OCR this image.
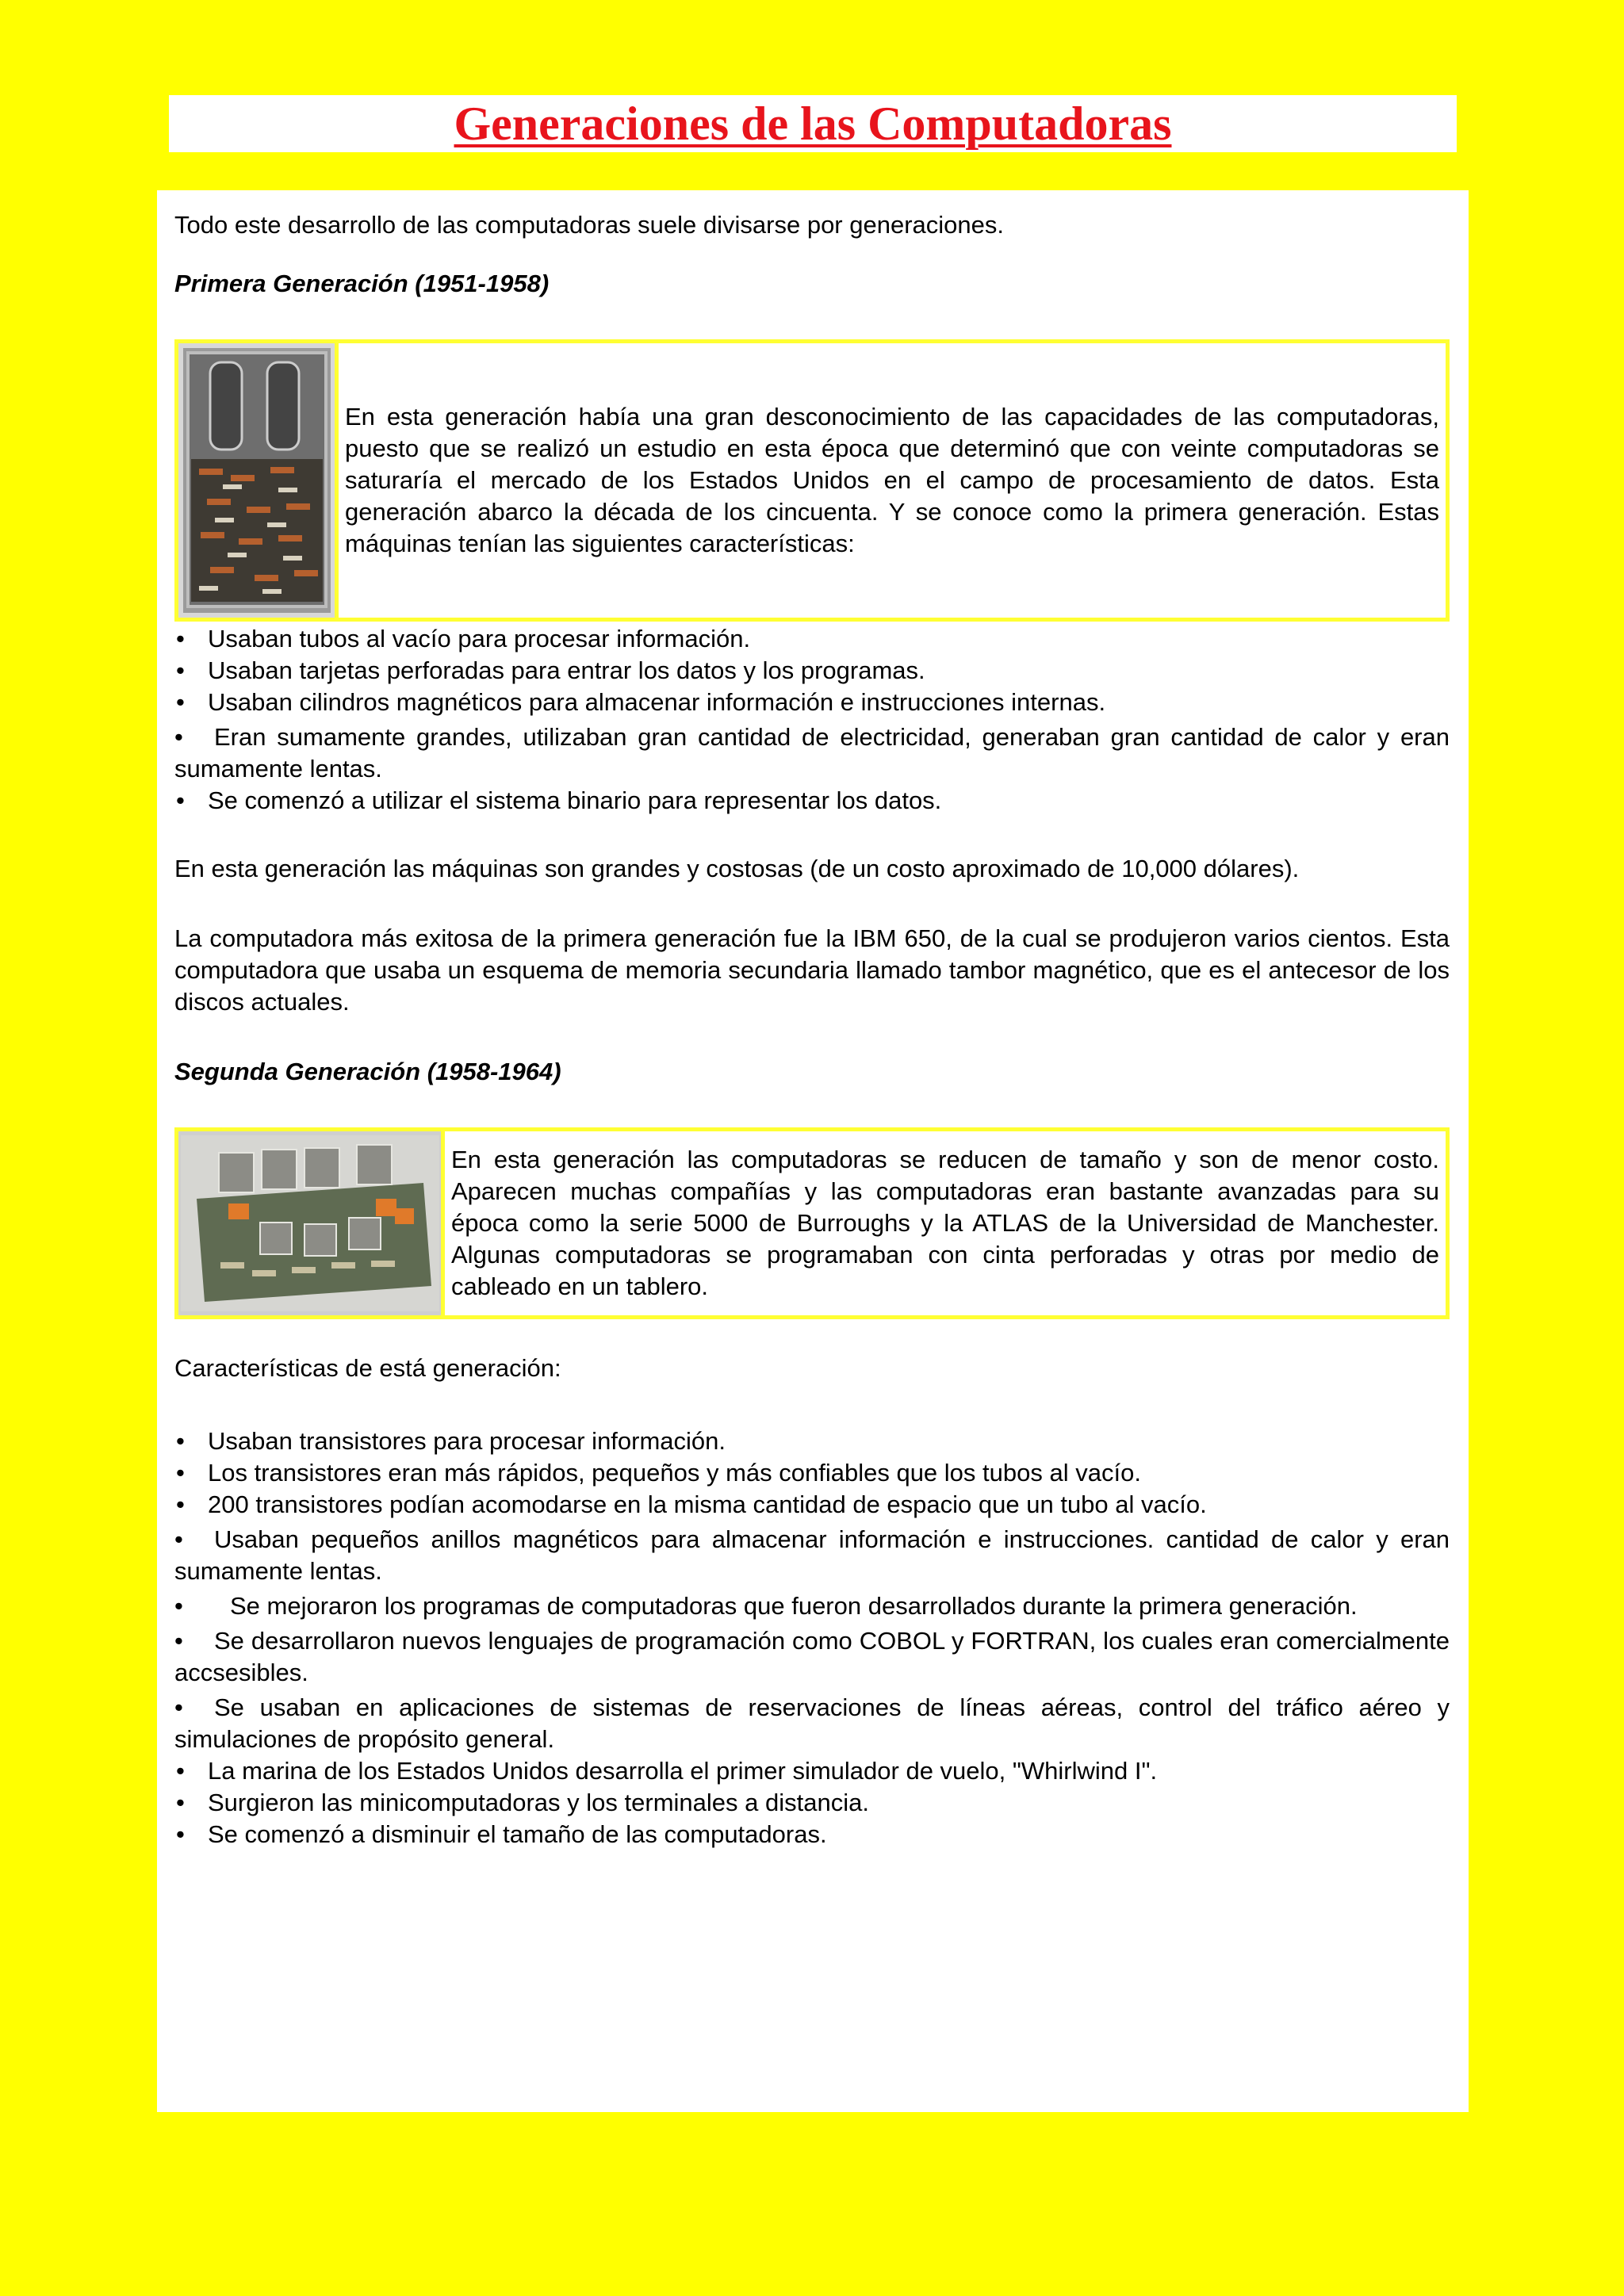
Generaciones de las Computadoras

Todo este desarrollo de las computadoras suele divisarse por generaciones.

Primera Generación (1951-1958)

En esta generación había una gran desconocimiento de las capacidades de las computadoras, puesto que se realizó un estudio en esta época que determinó que con veinte computadoras se saturaría el mercado de los Estados Unidos en el campo de procesamiento de datos. Esta generación abarco la década de los cincuenta. Y se conoce como la primera generación. Estas máquinas tenían las siguientes características:
• Usaban tubos al vacío para procesar información.
• Usaban tarjetas perforadas para entrar los datos y los programas.
• Usaban cilindros magnéticos para almacenar información e instrucciones internas.
• Eran sumamente grandes, utilizaban gran cantidad de electricidad, generaban gran cantidad de calor y eran sumamente lentas.
• Se comenzó a utilizar el sistema binario para representar los datos.

En esta generación las máquinas son grandes y costosas (de un costo aproximado de 10,000 dólares).

La computadora más exitosa de la primera generación fue la IBM 650, de la cual se produjeron varios cientos. Esta computadora que usaba un esquema de memoria secundaria llamado tambor magnético, que es el antecesor de los discos actuales.

Segunda Generación (1958-1964)

En esta generación las computadoras se reducen de tamaño y son de menor costo. Aparecen muchas compañías y las computadoras eran bastante avanzadas para su época como la serie 5000 de Burroughs y la ATLAS de la Universidad de Manchester. Algunas computadoras se programaban con cinta perforadas y otras por medio de cableado en un tablero.

Características de está generación:

• Usaban transistores para procesar información.
• Los transistores eran más rápidos, pequeños y más confiables que los tubos al vacío.
• 200 transistores podían acomodarse en la misma cantidad de espacio que un tubo al vacío.
• Usaban pequeños anillos magnéticos para almacenar información e instrucciones. cantidad de calor y eran sumamente lentas.
• Se mejoraron los programas de computadoras que fueron desarrollados durante la primera generación.
• Se desarrollaron nuevos lenguajes de programación como COBOL y FORTRAN, los cuales eran comercialmente accsesibles.
• Se usaban en aplicaciones de sistemas de reservaciones de líneas aéreas, control del tráfico aéreo y simulaciones de propósito general.
• La marina de los Estados Unidos desarrolla el primer simulador de vuelo, "Whirlwind I".
• Surgieron las minicomputadoras y los terminales a distancia.
• Se comenzó a disminuir el tamaño de las computadoras.
